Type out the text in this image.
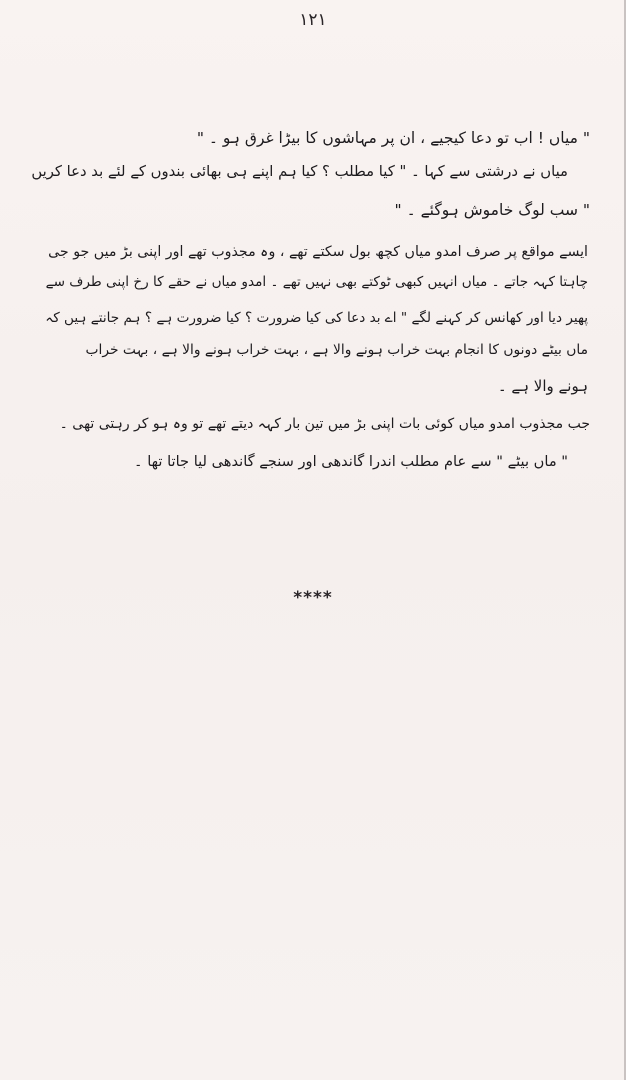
۱۲۱
" میاں ! اب تو دعا کیجیے ، ان پر مہاشوں کا بیڑا غرق ہو ۔ "
میاں نے درشتی سے کہا ۔ " کیا مطلب ؟ کیا ہم اپنے ہی بھائی بندوں کے لئے بد دعا کریں
" سب لوگ خاموش ہوگئے ۔ "
ایسے مواقع پر صرف امدو میاں کچھ بول سکتے تھے ، وہ مجذوب تھے اور اپنی بڑ میں جو جی
چاہتا کہہ جاتے ۔ میاں انہیں کبھی ٹوکتے بھی نہیں تھے ۔ امدو میاں نے حقے کا رخ اپنی طرف سے
پھیر دیا اور کھانس کر کہنے لگے " اے بد دعا کی کیا ضرورت ؟ کیا ضرورت ہے ؟ ہم جانتے ہیں کہ
ماں بیٹے دونوں کا انجام بہت خراب ہونے والا ہے ، بہت خراب ہونے والا ہے ، بہت خراب
ہونے والا ہے ۔
جب مجذوب امدو میاں کوئی بات اپنی بڑ میں تین بار کہہ دیتے تھے تو وہ ہو کر رہتی تھی ۔
" ماں بیٹے " سے عام مطلب اندرا گاندھی اور سنجے گاندھی لیا جاتا تھا ۔
****
